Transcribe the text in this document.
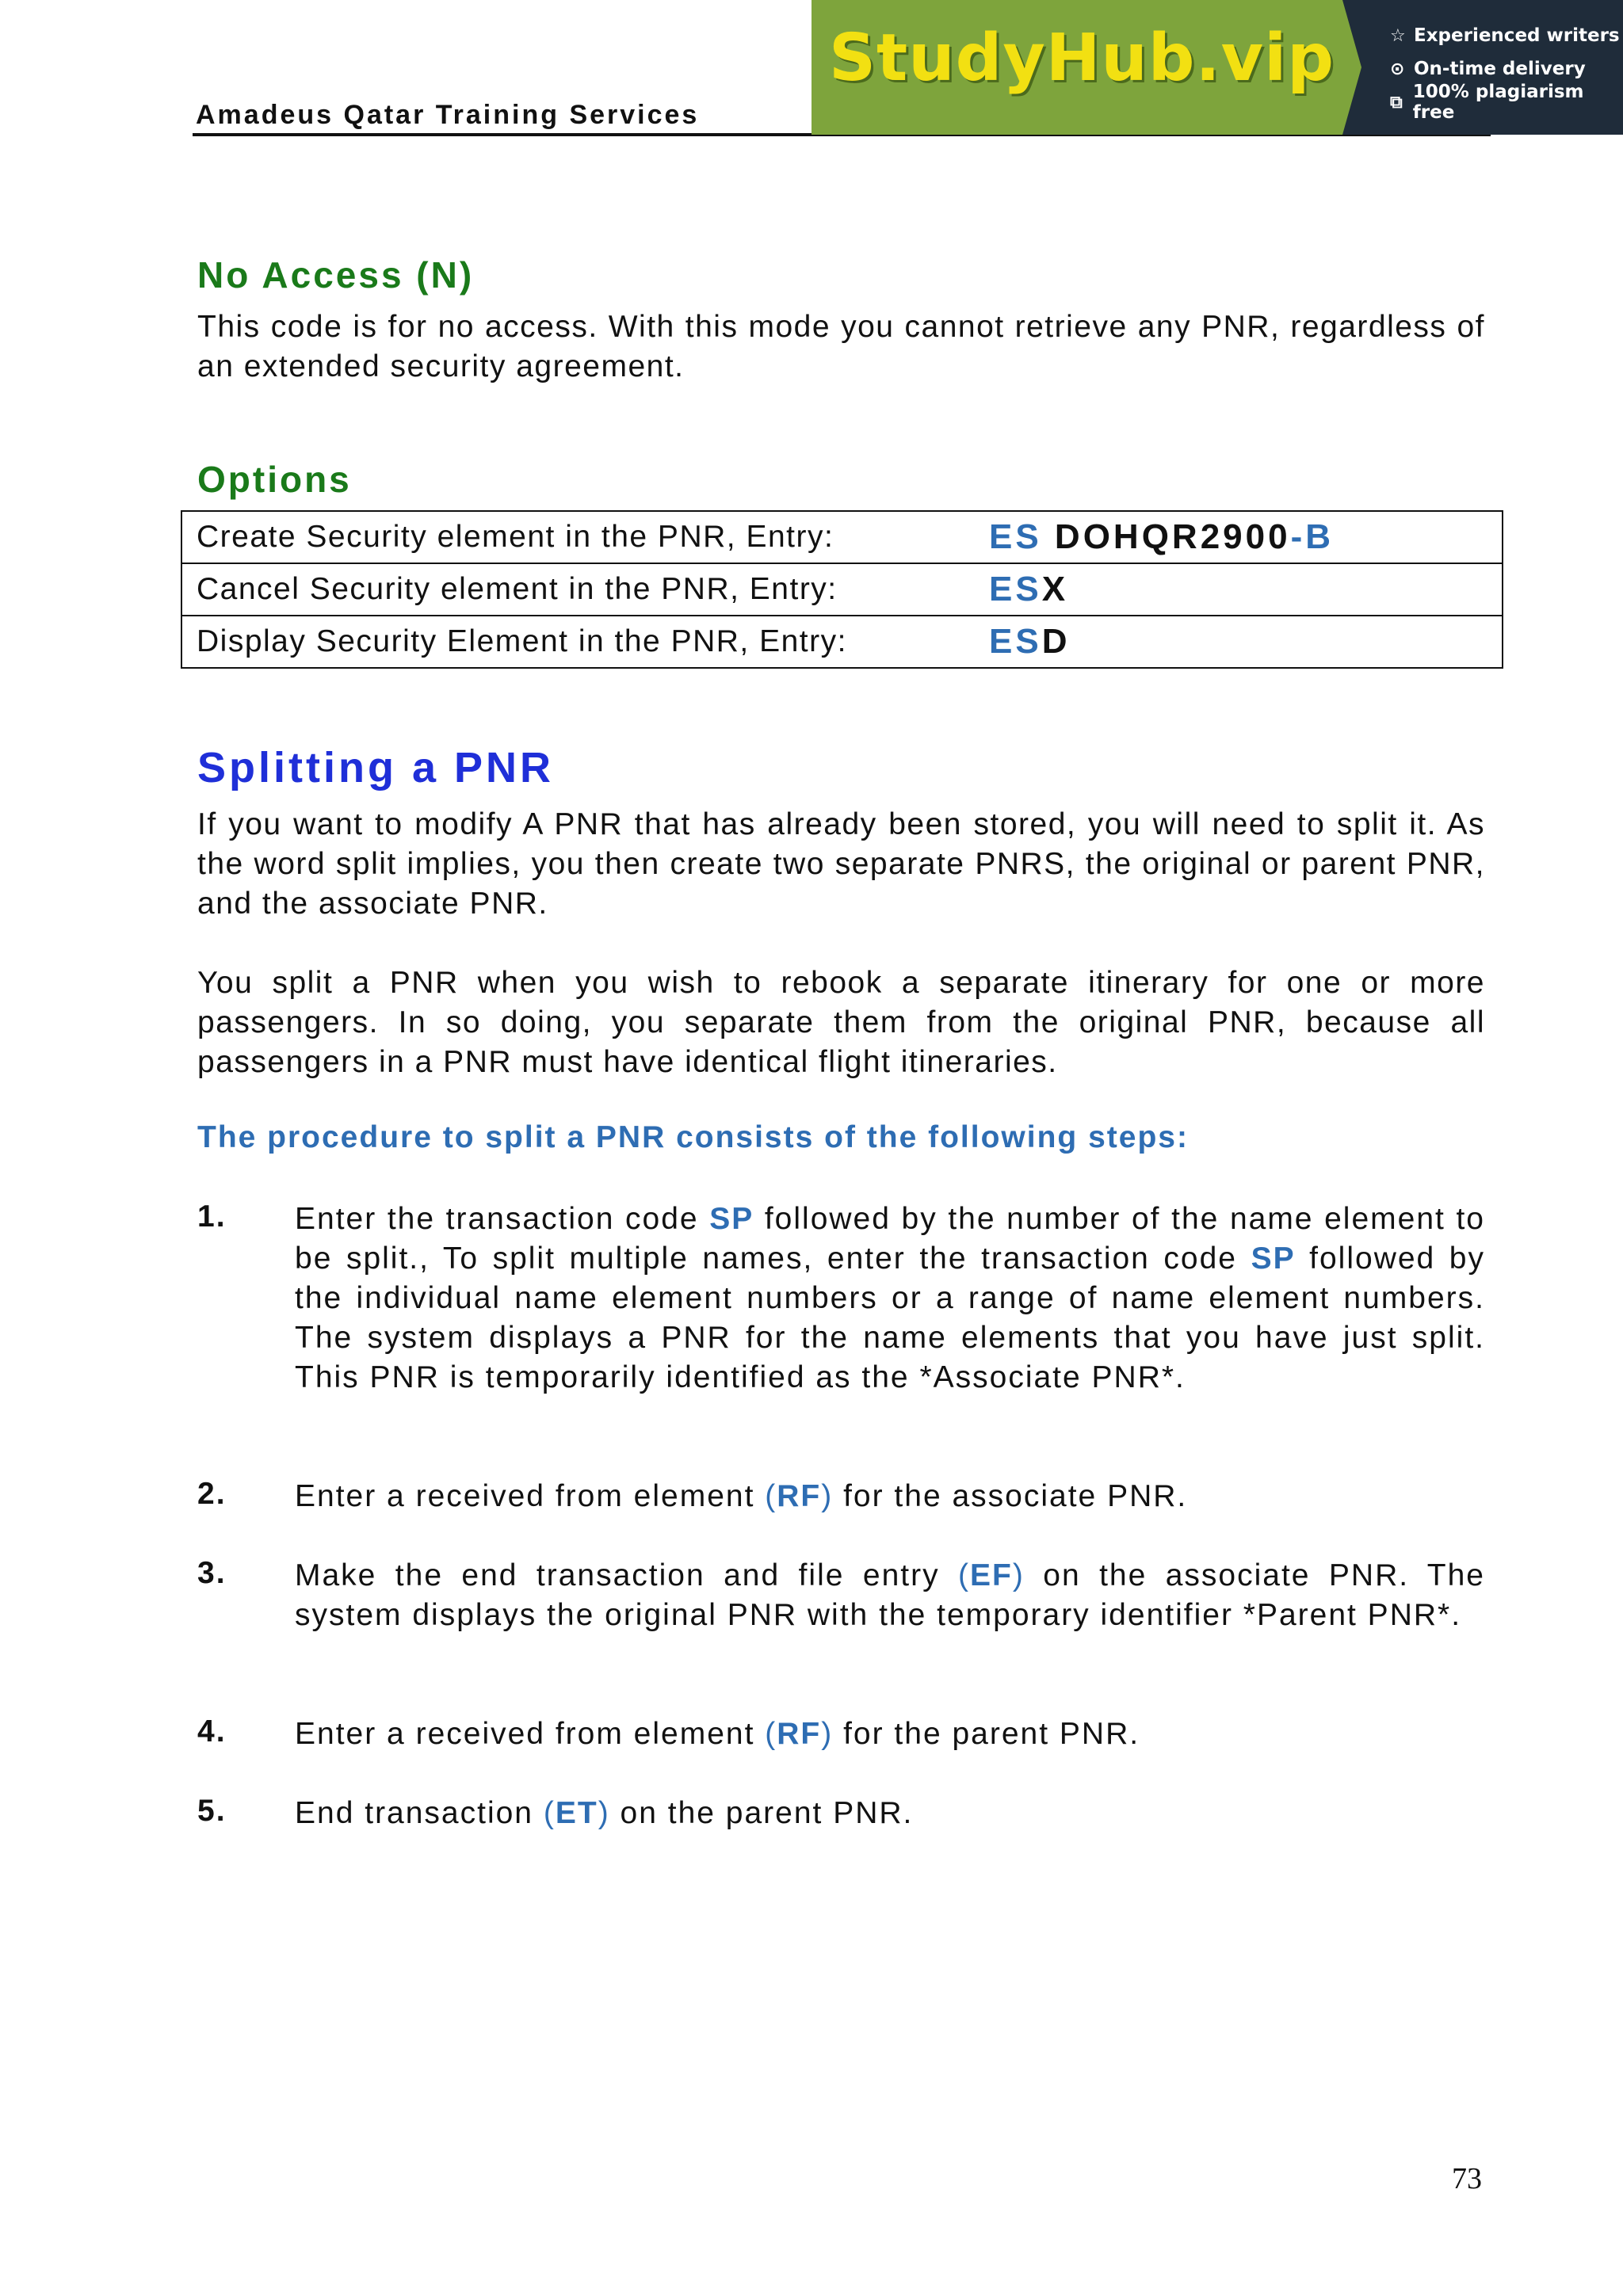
Amadeus Qatar Training Services
StudyHub.vip	☆ Experienced writers
⊙ On-time delivery
⧉ 100% plagiarism free
No Access (N)
This code is for no access. With this mode you cannot retrieve any PNR, regardless of an extended security agreement.
Options
Create Security element in the PNR, Entry:	ES DOHQR2900-B
Cancel Security element in the PNR, Entry:	ESX
Display Security Element in the PNR, Entry:	ESD
Splitting a PNR
If you want to modify A PNR that has already been stored, you will need to split it. As the word split implies, you then create two separate PNRS, the original or parent PNR, and the associate PNR.
You split a PNR when you wish to rebook a separate itinerary for one or more passengers. In so doing, you separate them from the original PNR, because all passengers in a PNR must have identical flight itineraries.
The procedure to split a PNR consists of the following steps:
1. Enter the transaction code SP followed by the number of the name element to be split., To split multiple names, enter the transaction code SP followed by the individual name element numbers or a range of name element numbers. The system displays a PNR for the name elements that you have just split. This PNR is temporarily identified as the *Associate PNR*.
2. Enter a received from element (RF) for the associate PNR.
3. Make the end transaction and file entry (EF) on the associate PNR. The system displays the original PNR with the temporary identifier *Parent PNR*.
4. Enter a received from element (RF) for the parent PNR.
5. End transaction (ET) on the parent PNR.
73
